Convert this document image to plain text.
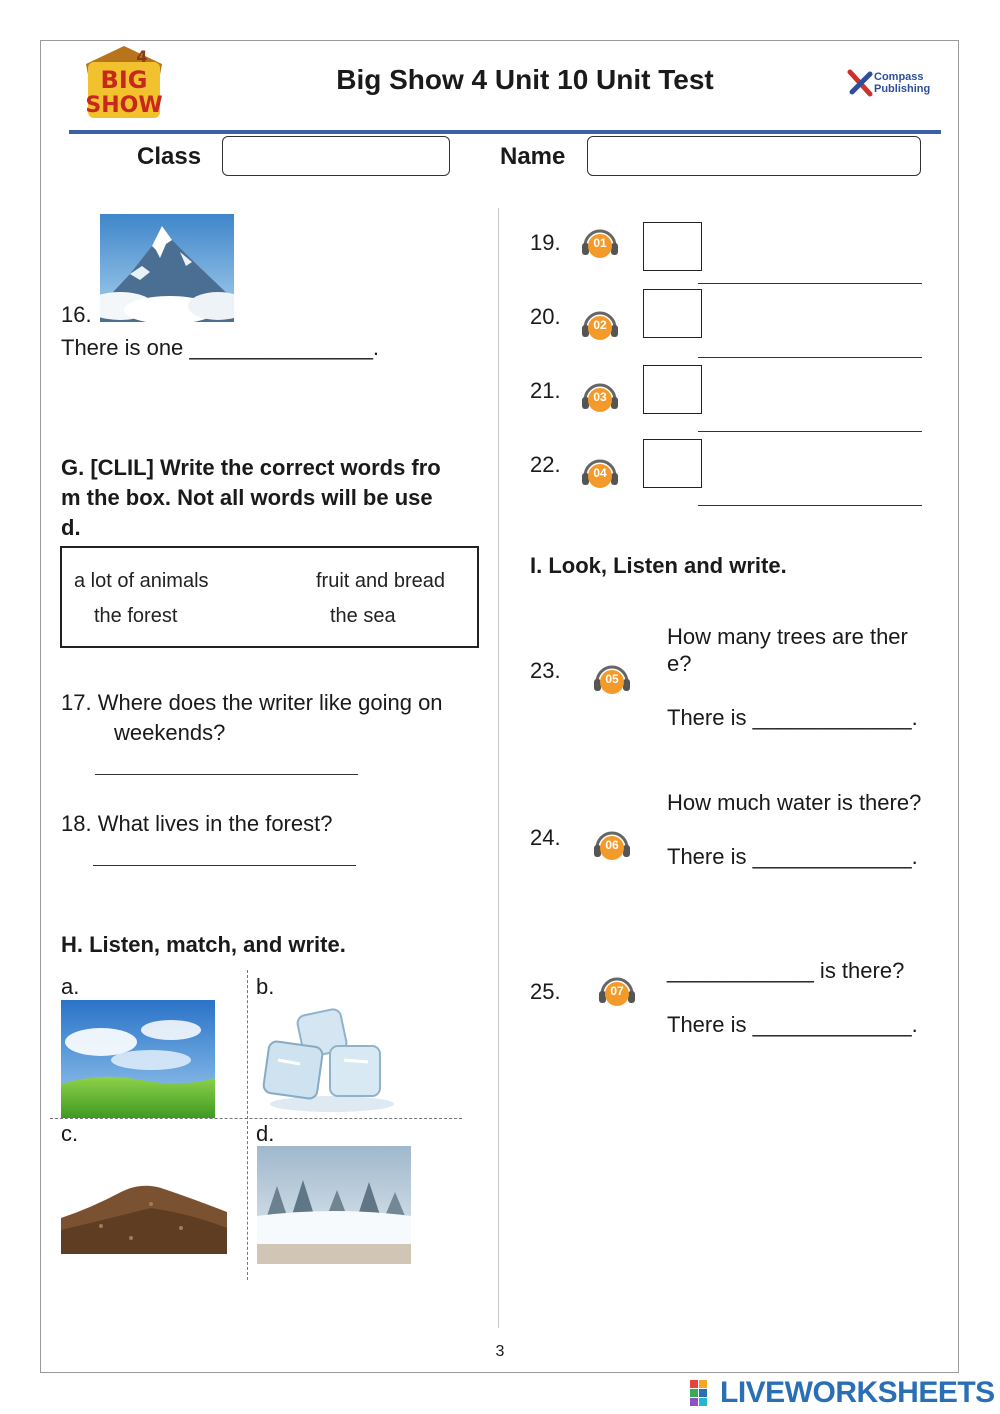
BIG
SHOW
4
Big Show 4 Unit 10 Unit Test	Compass
Publishing
Class	Name
16.
There is one _______________.
G. [CLIL] Write the correct words fro
m the box. Not all words will be use
d.
a lot of animals	fruit and bread
the forest	the sea
17. Where does the writer like going on
weekends?
18. What lives in the forest?
H. Listen, match, and write.
a.	b.
c.	d.
19.	01
20.	02
21.	03
22.	04
I. Look, Listen and write.
23.	05
How many trees are ther
e?
There is _____________.
24.	06
How much water is there?
There is _____________.
25.	07
____________ is there?
There is _____________.
3
LIVEWORKSHEETS
